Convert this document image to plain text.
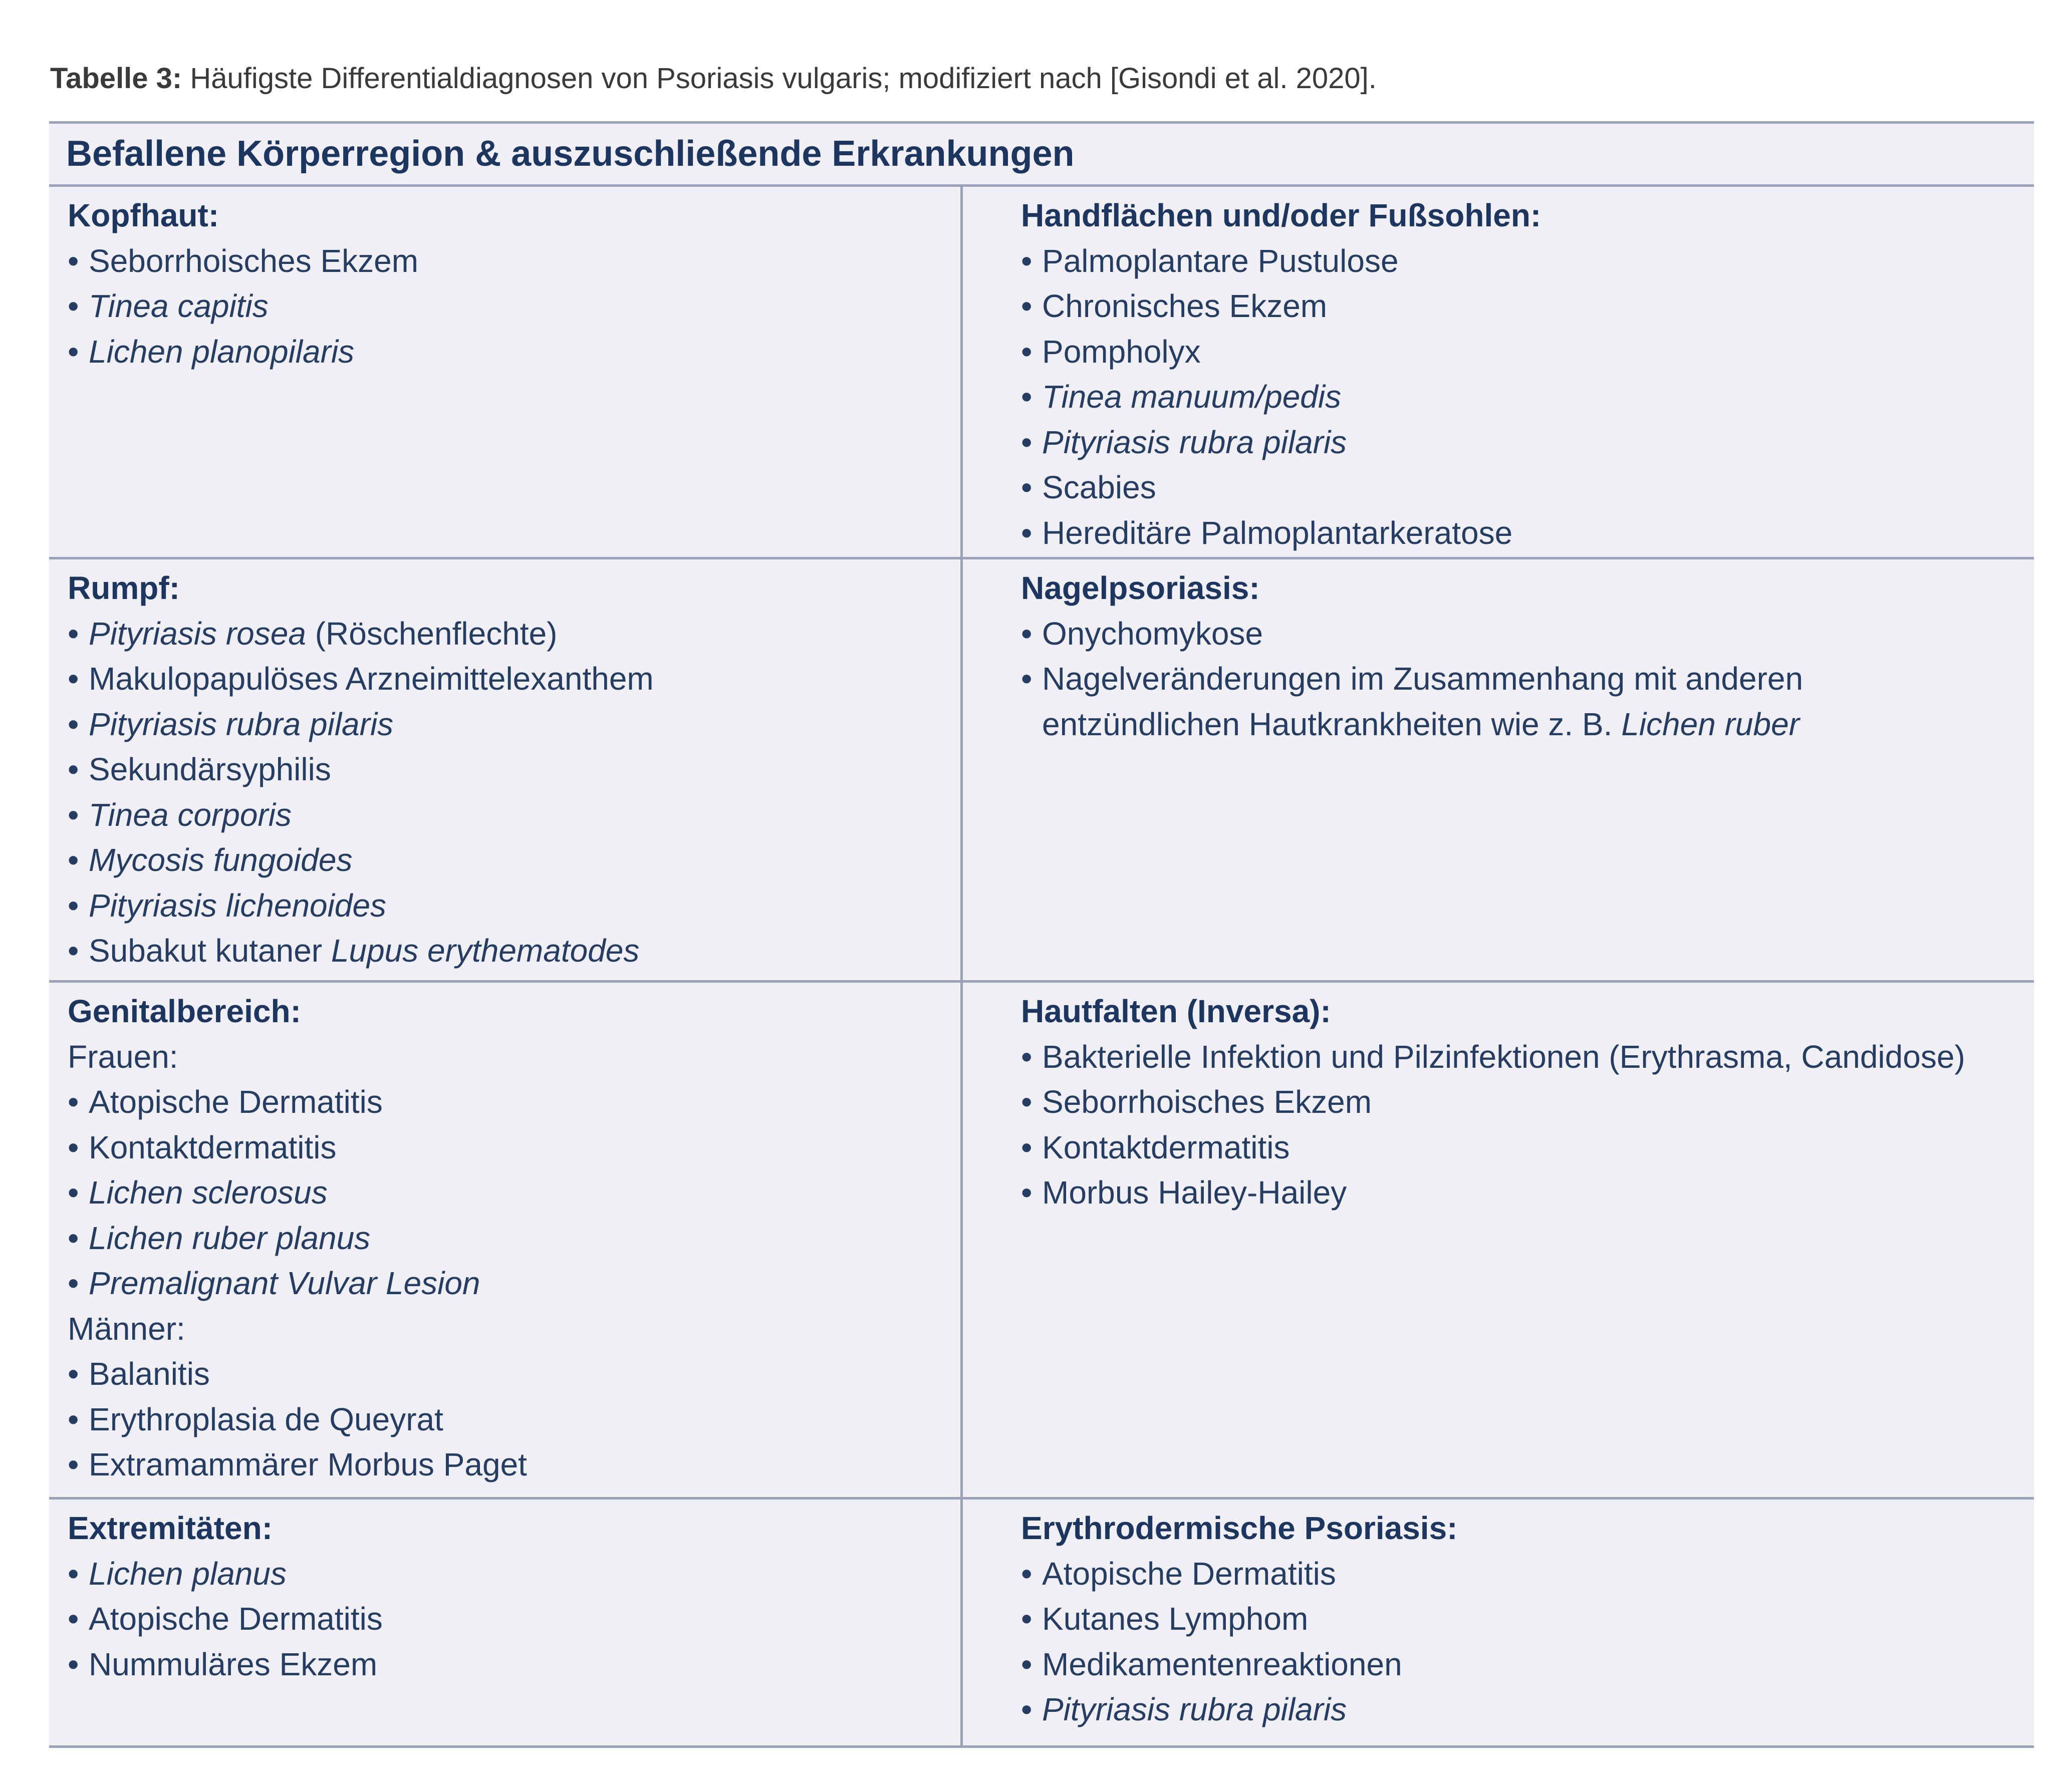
Tabelle 3: Häufigste Differentialdiagnosen von Psoriasis vulgaris; modifiziert nach [Gisondi et al. 2020].
Befallene Körperregion & auszuschließende Erkrankungen
Kopfhaut:
• Seborrhoisches Ekzem
• Tinea capitis
• Lichen planopilaris
Handflächen und/oder Fußsohlen:
• Palmoplantare Pustulose
• Chronisches Ekzem
• Pompholyx
• Tinea manuum/pedis
• Pityriasis rubra pilaris
• Scabies
• Hereditäre Palmoplantarkeratose
Rumpf:
• Pityriasis rosea (Röschenflechte)
• Makulopapulöses Arzneimittelexanthem
• Pityriasis rubra pilaris
• Sekundärsyphilis
• Tinea corporis
• Mycosis fungoides
• Pityriasis lichenoides
• Subakut kutaner Lupus erythematodes
Nagelpsoriasis:
• Onychomykose
• Nagelveränderungen im Zusammenhang mit anderen
entzündlichen Hautkrankheiten wie z. B. Lichen ruber
Genitalbereich:
Frauen:
• Atopische Dermatitis
• Kontaktdermatitis
• Lichen sclerosus
• Lichen ruber planus
• Premalignant Vulvar Lesion
Männer:
• Balanitis
• Erythroplasia de Queyrat
• Extramammärer Morbus Paget
Hautfalten (Inversa):
• Bakterielle Infektion und Pilzinfektionen (Erythrasma, Candidose)
• Seborrhoisches Ekzem
• Kontaktdermatitis
• Morbus Hailey-Hailey
Extremitäten:
• Lichen planus
• Atopische Dermatitis
• Nummuläres Ekzem
Erythrodermische Psoriasis:
• Atopische Dermatitis
• Kutanes Lymphom
• Medikamentenreaktionen
• Pityriasis rubra pilaris
